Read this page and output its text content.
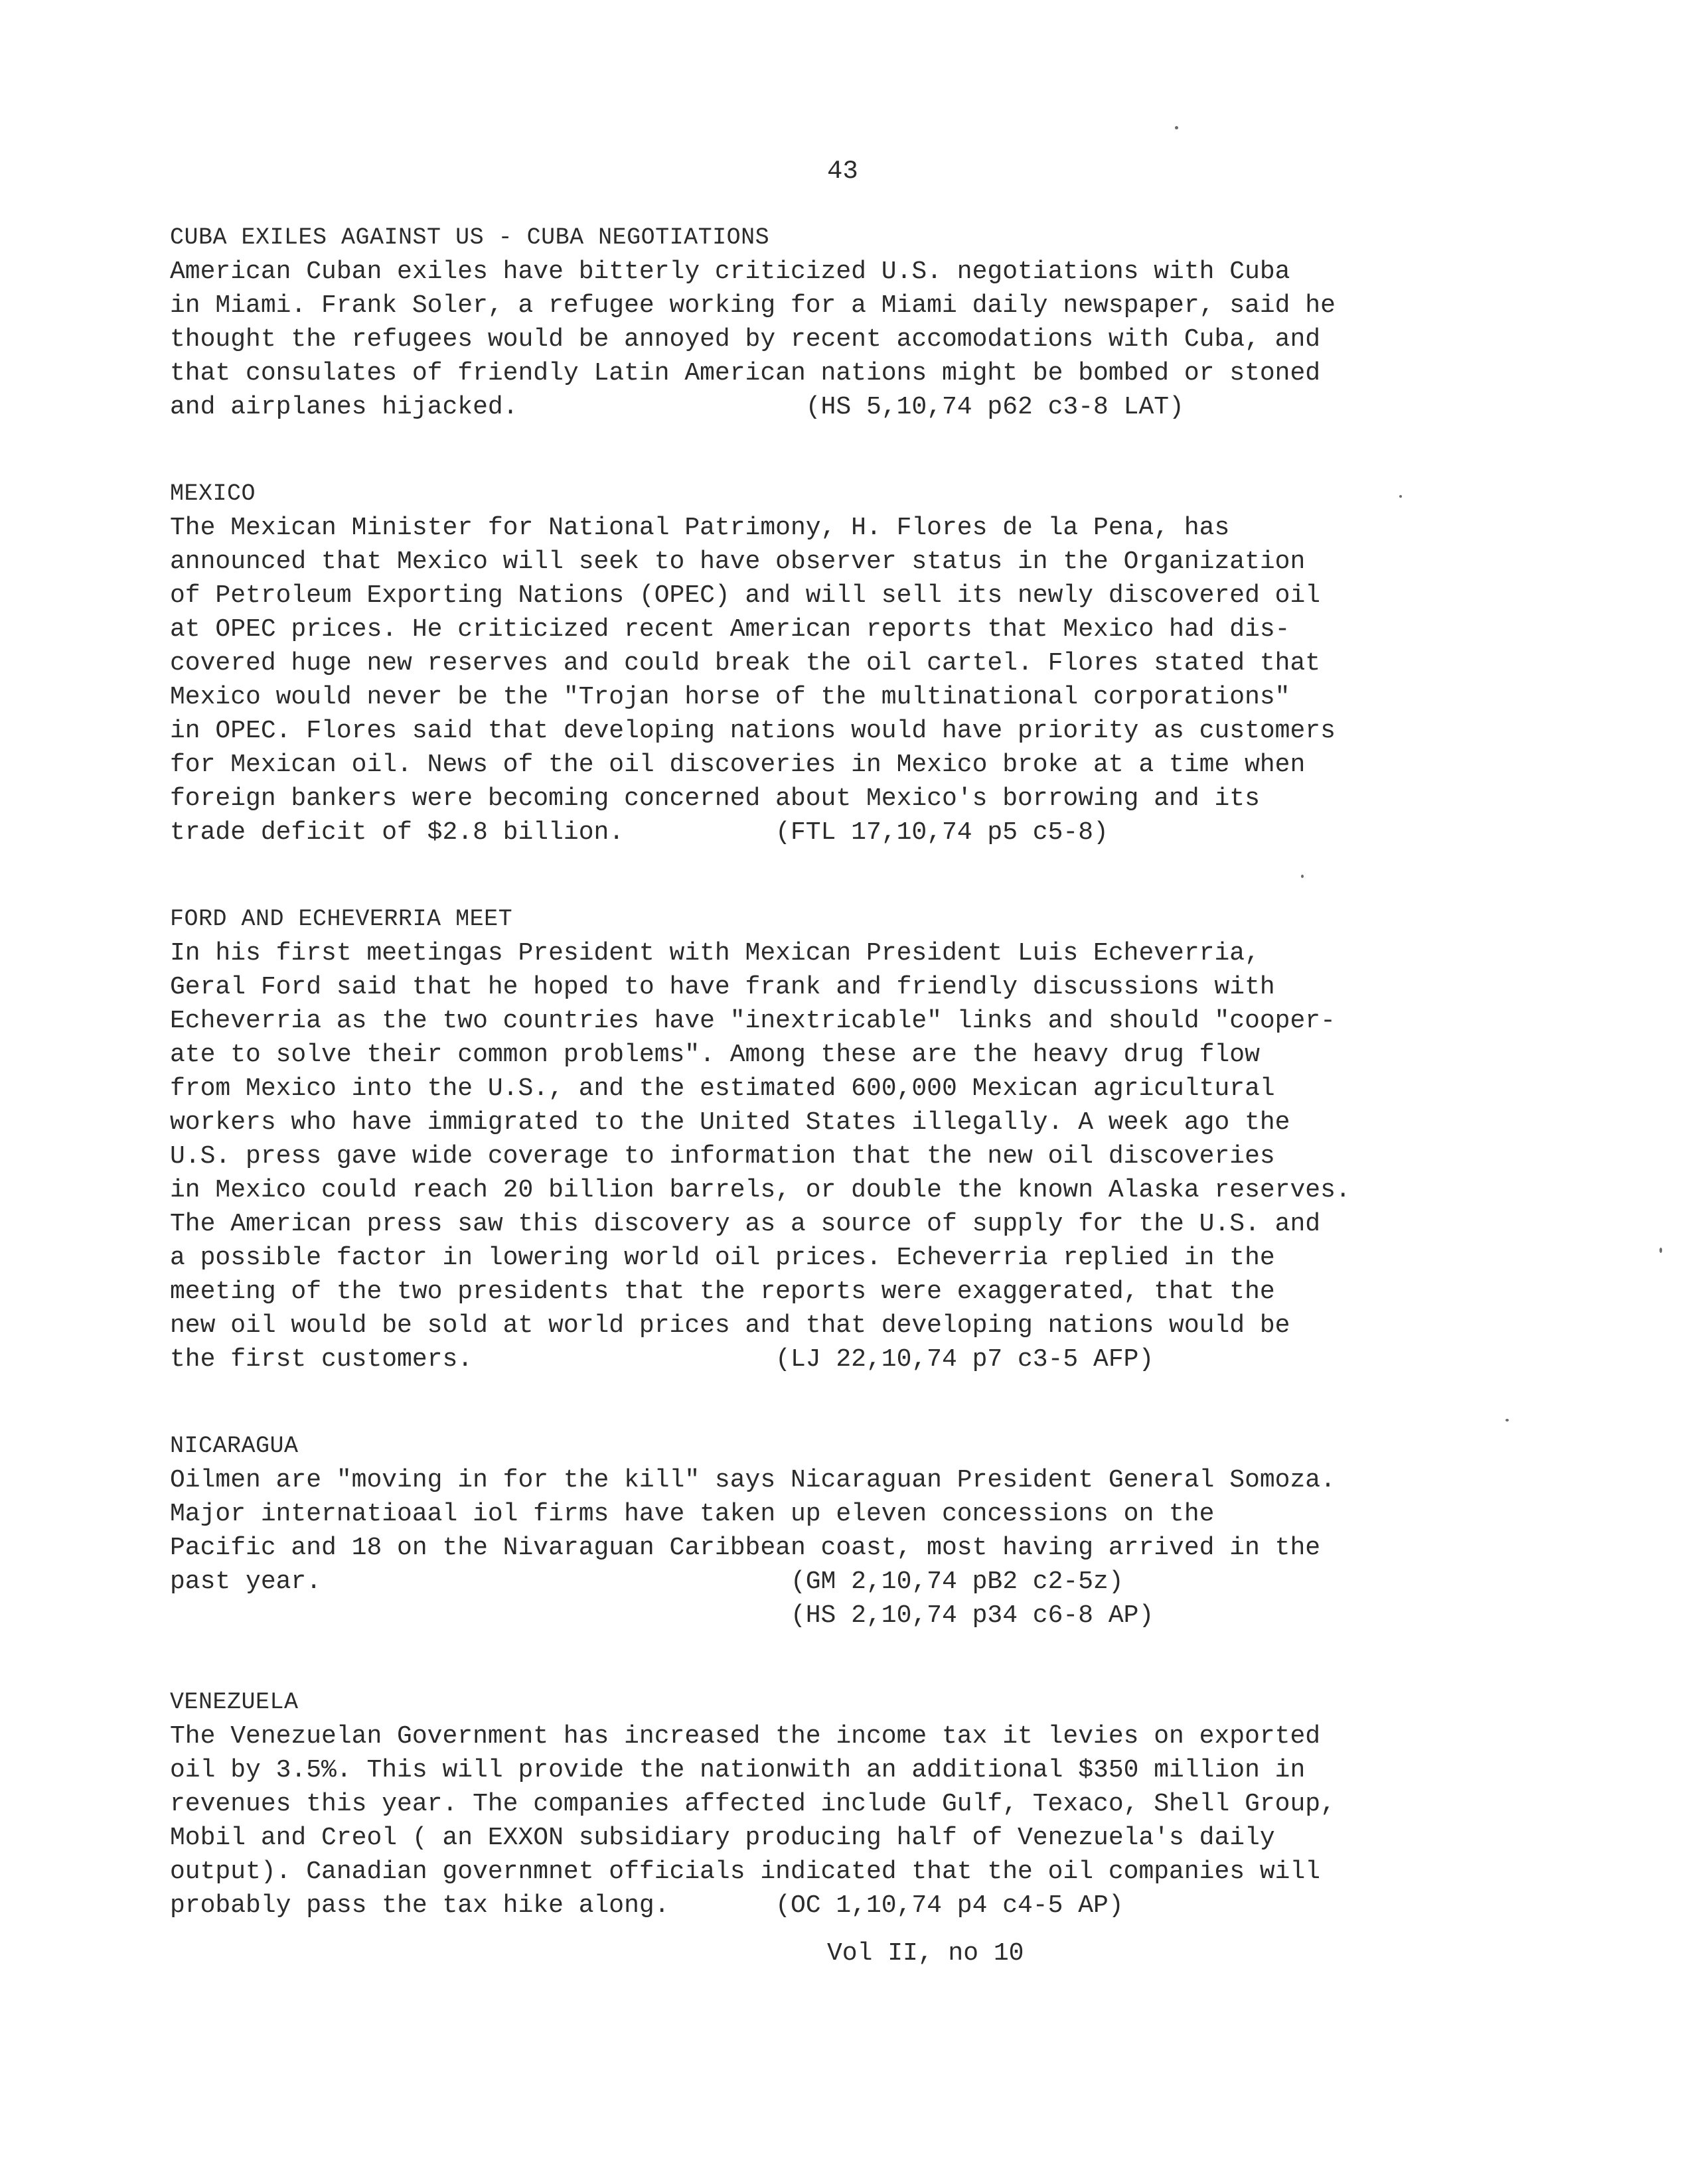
43

CUBA EXILES AGAINST US - CUBA NEGOTIATIONS

American Cuban exiles have bitterly criticized U.S. negotiations with Cuba

in Miami. Frank Soler, a refugee working for a Miami daily newspaper, said he

thought the refugees would be annoyed by recent accomodations with Cuba, and

that consulates of friendly Latin American nations might be bombed or stoned

and airplanes hijacked.                   (HS 5,10,74 p62 c3-8 LAT)

MEXICO

The Mexican Minister for National Patrimony, H. Flores de la Pena, has

announced that Mexico will seek to have observer status in the Organization

of Petroleum Exporting Nations (OPEC) and will sell its newly discovered oil

at OPEC prices. He criticized recent American reports that Mexico had dis-

covered huge new reserves and could break the oil cartel. Flores stated that

Mexico would never be the "Trojan horse of the multinational corporations"

in OPEC. Flores said that developing nations would have priority as customers

for Mexican oil. News of the oil discoveries in Mexico broke at a time when

foreign bankers were becoming concerned about Mexico's borrowing and its

trade deficit of $2.8 billion.          (FTL 17,10,74 p5 c5-8)

FORD AND ECHEVERRIA MEET

In his first meetingas President with Mexican President Luis Echeverria,

Geral Ford said that he hoped to have frank and friendly discussions with

Echeverria as the two countries have "inextricable" links and should "cooper-

ate to solve their common problems". Among these are the heavy drug flow

from Mexico into the U.S., and the estimated 600,000 Mexican agricultural

workers who have immigrated to the United States illegally. A week ago the

U.S. press gave wide coverage to information that the new oil discoveries

in Mexico could reach 20 billion barrels, or double the known Alaska reserves.

The American press saw this discovery as a source of supply for the U.S. and

a possible factor in lowering world oil prices. Echeverria replied in the

meeting of the two presidents that the reports were exaggerated, that the

new oil would be sold at world prices and that developing nations would be

the first customers.                    (LJ 22,10,74 p7 c3-5 AFP)

NICARAGUA

Oilmen are "moving in for the kill" says Nicaraguan President General Somoza.

Major internatioaal iol firms have taken up eleven concessions on the

Pacific and 18 on the Nivaraguan Caribbean coast, most having arrived in the

past year.                               (GM 2,10,74 pB2 c2-5z)

(HS 2,10,74 p34 c6-8 AP)

VENEZUELA

The Venezuelan Government has increased the income tax it levies on exported

oil by 3.5%. This will provide the nationwith an additional $350 million in

revenues this year. The companies affected include Gulf, Texaco, Shell Group,

Mobil and Creol ( an EXXON subsidiary producing half of Venezuela's daily

output). Canadian governmnet officials indicated that the oil companies will

probably pass the tax hike along.       (OC 1,10,74 p4 c4-5 AP)

Vol II, no 10
